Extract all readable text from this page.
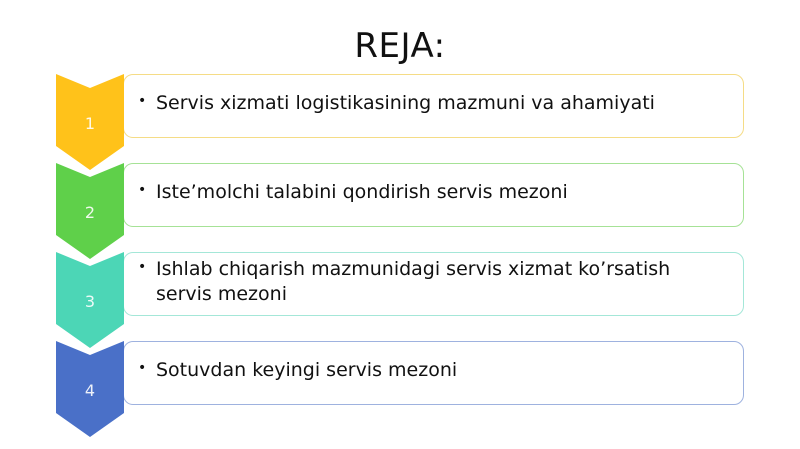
REJA:
• Servis xizmati logistikasining mazmuni va ahamiyati
1
• Iste’molchi talabini qondirish servis mezoni
2
• Ishlab chiqarish mazmunidagi servis xizmat ko’rsatish servis mezoni
3
• Sotuvdan keyingi servis mezoni
4
